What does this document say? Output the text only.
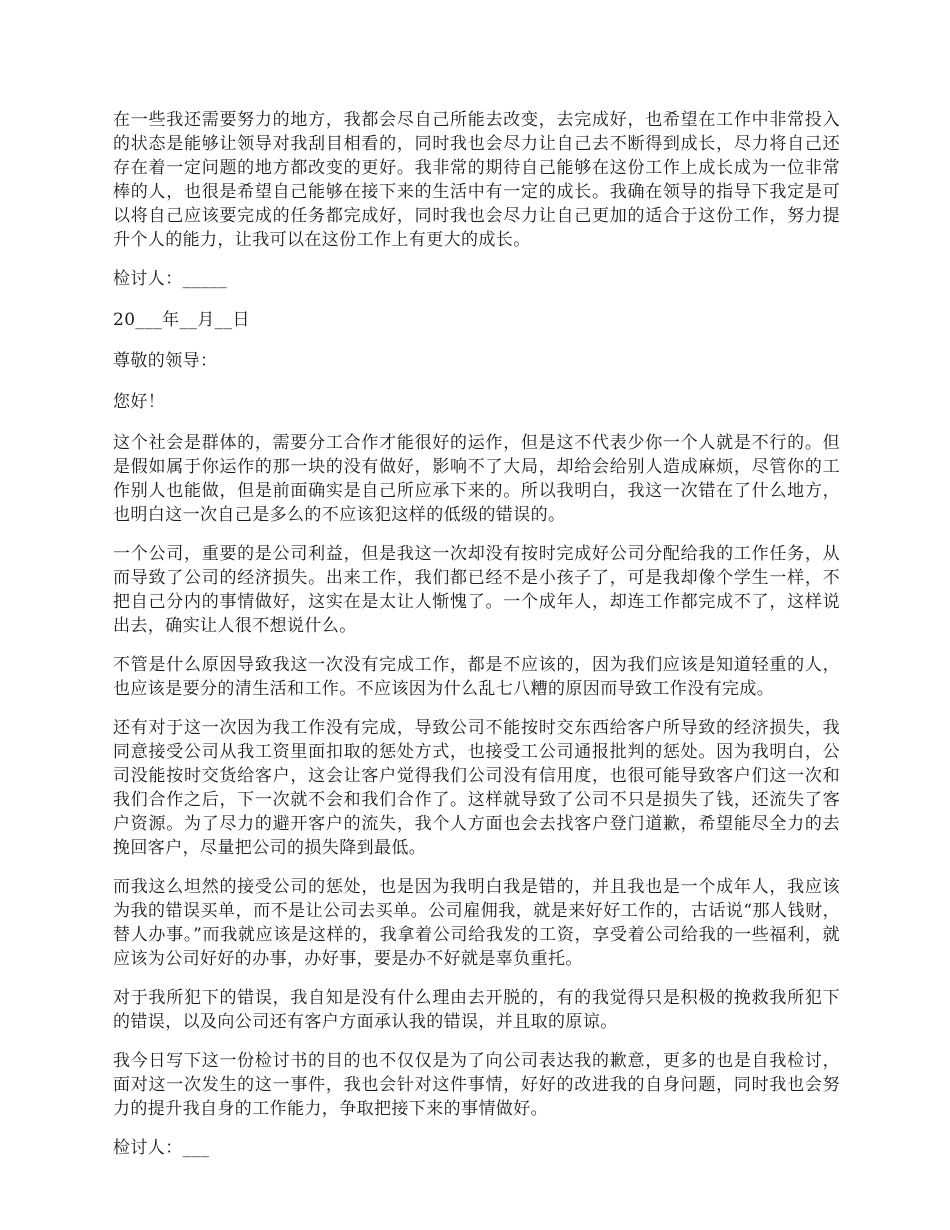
在一些我还需要努力的地方，我都会尽自己所能去改变，去完成好，也希望在工作中非常投入的状态是能够让领导对我刮目相看的，同时我也会尽力让自己去不断得到成长，尽力将自己还存在着一定问题的地方都改变的更好。我非常的期待自己能够在这份工作上成长成为一位非常棒的人，也很是希望自己能够在接下来的生活中有一定的成长。我确在领导的指导下我定是可以将自己应该要完成的任务都完成好，同时我也会尽力让自己更加的适合于这份工作，努力提升个人的能力，让我可以在这份工作上有更大的成长。

检讨人：_____

20___年__月__日

尊敬的领导：

您好！

这个社会是群体的，需要分工合作才能很好的运作，但是这不代表少你一个人就是不行的。但是假如属于你运作的那一块的没有做好，影响不了大局，却给会给别人造成麻烦，尽管你的工作别人也能做，但是前面确实是自己所应承下来的。所以我明白，我这一次错在了什么地方，也明白这一次自己是多么的不应该犯这样的低级的错误的。

一个公司，重要的是公司利益，但是我这一次却没有按时完成好公司分配给我的工作任务，从而导致了公司的经济损失。出来工作，我们都已经不是小孩子了，可是我却像个学生一样，不把自己分内的事情做好，这实在是太让人惭愧了。一个成年人，却连工作都完成不了，这样说出去，确实让人很不想说什么。

不管是什么原因导致我这一次没有完成工作，都是不应该的，因为我们应该是知道轻重的人，也应该是要分的清生活和工作。不应该因为什么乱七八糟的原因而导致工作没有完成。

还有对于这一次因为我工作没有完成，导致公司不能按时交东西给客户所导致的经济损失，我同意接受公司从我工资里面扣取的惩处方式，也接受工公司通报批判的惩处。因为我明白，公司没能按时交货给客户，这会让客户觉得我们公司没有信用度，也很可能导致客户们这一次和我们合作之后，下一次就不会和我们合作了。这样就导致了公司不只是损失了钱，还流失了客户资源。为了尽力的避开客户的流失，我个人方面也会去找客户登门道歉，希望能尽全力的去挽回客户，尽量把公司的损失降到最低。

而我这么坦然的接受公司的惩处，也是因为我明白我是错的，并且我也是一个成年人，我应该为我的错误买单，而不是让公司去买单。公司雇佣我，就是来好好工作的，古话说“那人钱财，替人办事。”而我就应该是这样的，我拿着公司给我发的工资，享受着公司给我的一些福利，就应该为公司好好的办事，办好事，要是办不好就是辜负重托。

对于我所犯下的错误，我自知是没有什么理由去开脱的，有的我觉得只是积极的挽救我所犯下的错误，以及向公司还有客户方面承认我的错误，并且取的原谅。

我今日写下这一份检讨书的目的也不仅仅是为了向公司表达我的歉意，更多的也是自我检讨，面对这一次发生的这一事件，我也会针对这件事情，好好的改进我的自身问题，同时我也会努力的提升我自身的工作能力，争取把接下来的事情做好。

检讨人：___
